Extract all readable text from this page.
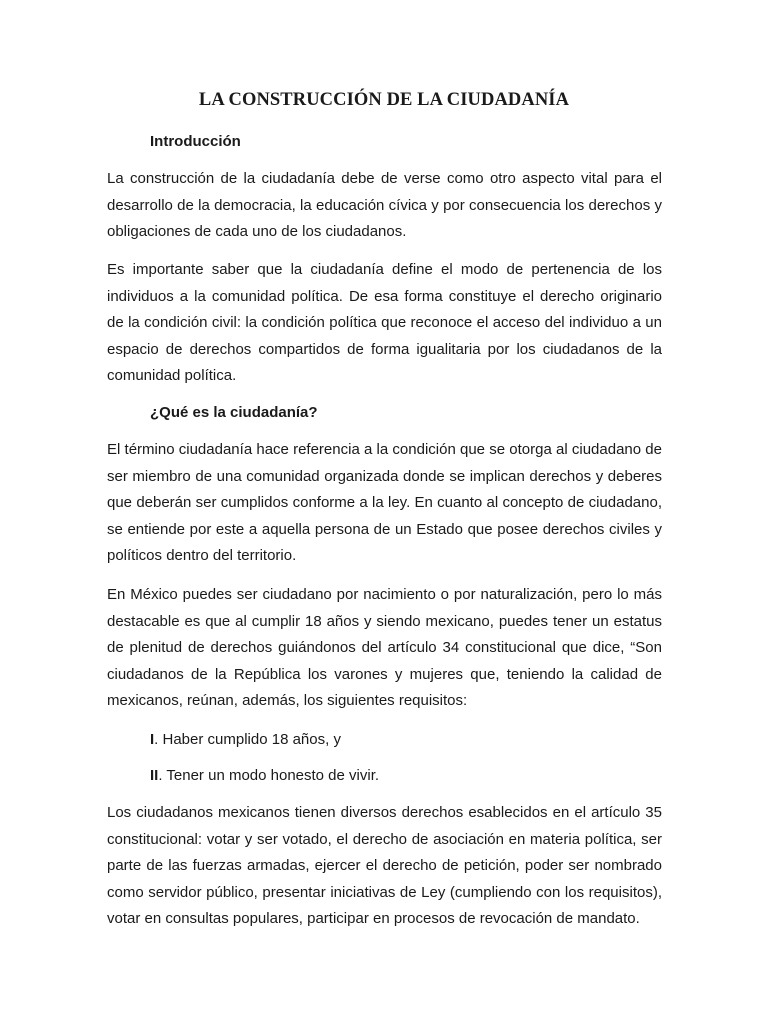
LA CONSTRUCCIÓN DE LA CIUDADANÍA

Introducción

La construcción de la ciudadanía debe de verse como otro aspecto vital para el desarrollo de la democracia, la educación cívica y por consecuencia los derechos y obligaciones de cada uno de los ciudadanos.

Es importante saber que la ciudadanía define el modo de pertenencia de los individuos a la comunidad política. De esa forma constituye el derecho originario de la condición civil: la condición política que reconoce el acceso del individuo a un espacio de derechos compartidos de forma igualitaria por los ciudadanos de la comunidad política.

¿Qué es la ciudadanía?

El término ciudadanía hace referencia a la condición que se otorga al ciudadano de ser miembro de una comunidad organizada donde se implican derechos y deberes que deberán ser cumplidos conforme a la ley. En cuanto al concepto de ciudadano, se entiende por este a aquella persona de un Estado que posee derechos civiles y políticos dentro del territorio.

En México puedes ser ciudadano por nacimiento o por naturalización, pero lo más destacable es que al cumplir 18 años y siendo mexicano, puedes tener un estatus de plenitud de derechos guiándonos del artículo 34 constitucional que dice, “Son ciudadanos de la República los varones y mujeres que, teniendo la calidad de mexicanos, reúnan, además, los siguientes requisitos:

I. Haber cumplido 18 años, y

II. Tener un modo honesto de vivir.

Los ciudadanos mexicanos tienen diversos derechos esablecidos en el artículo 35 constitucional: votar y ser votado, el derecho de asociación en materia política, ser parte de las fuerzas armadas, ejercer el derecho de petición, poder ser nombrado como servidor público, presentar iniciativas de Ley (cumpliendo con los requisitos), votar en consultas populares, participar en procesos de revocación de mandato.
